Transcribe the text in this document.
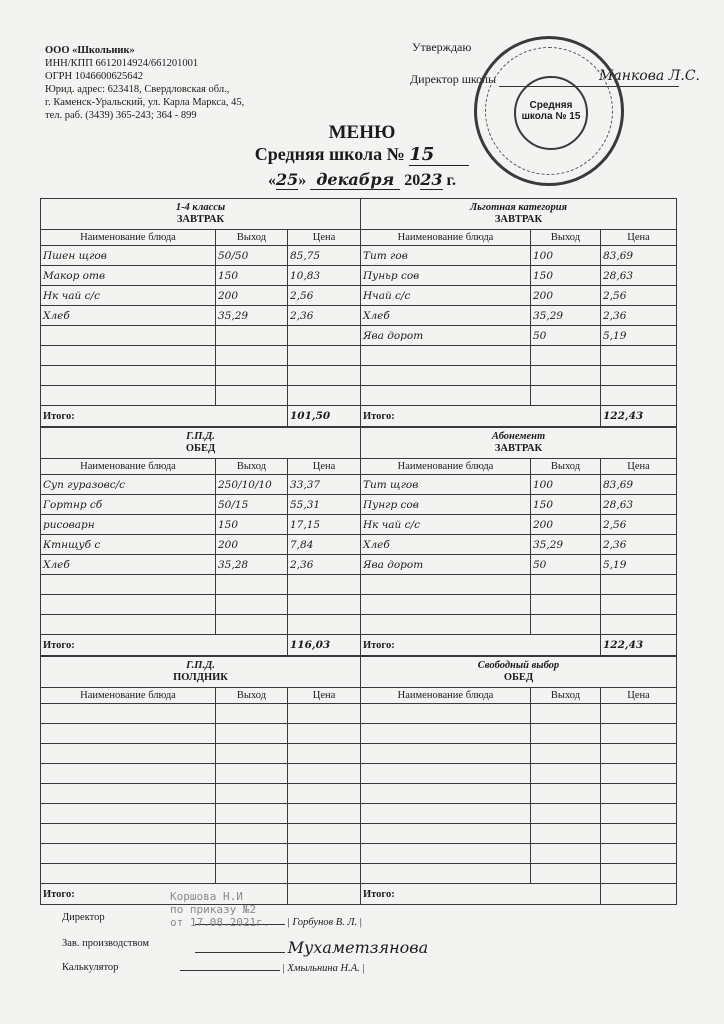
ООО «Школьник»
ИНН/КПП 6612014924/661201001
ОГРН 1046600625642
Юрид. адрес: 623418, Свердловская обл.,
г. Каменск-Уральский, ул. Карла Маркса, 45,
тел. раб. (3439) 365-243; 364 - 899
Утверждаю
Директор школы	Манкова Л.С.
Средняя школа № 15
МЕНЮ
Средняя школа № 15
«25» декабря 2023 г.
1-4 классы
ЗАВТРАК		
Наименование блюда	Выход	Цена
Пшен щгов	50/50	85,75
Макор отв	150	10,83
Нк чай с/с	200	2,56
Хлеб	35,29	2,36

Итого:		101,50
Г.П.Д.
ОБЕД		
Наименование блюда	Выход	Цена
Суп гуразовс/с	250/10/10	33,37
Гортнр сб	50/15	55,31
рисоварн	150	17,15
Ктнщуб с	200	7,84
Хлеб	35,28	2,36

Итого:		116,03
Г.П.Д.
ПОЛДНИК		
Наименование блюда	Выход	Цена

Итого:		
Льготная категория
ЗАВТРАК		
Наименование блюда	Выход	Цена
Тит гов	100	83,69
Пуньр сов	150	28,63
Нчай с/с	200	2,56
Хлеб	35,29	2,36
Ява дорот	50	5,19

Итого:		122,43
Абонемент
ЗАВТРАК		
Наименование блюда	Выход	Цена
Тит щгов	100	83,69
Пунгр сов	150	28,63
Нк чай с/с	200	2,56
Хлеб	35,29	2,36
Ява дорот	50	5,19

Итого:		122,43
Свободный выбор
ОБЕД		
Наименование блюда	Выход	Цена

Итого:		
Директор	| Горбунов В. Л. |
Зав. производством	Мухаметзянова
Калькулятор	| Хмыльнина Н.А. |
Коршова Н.И
по приказу №2
от 17.08.2021г.
